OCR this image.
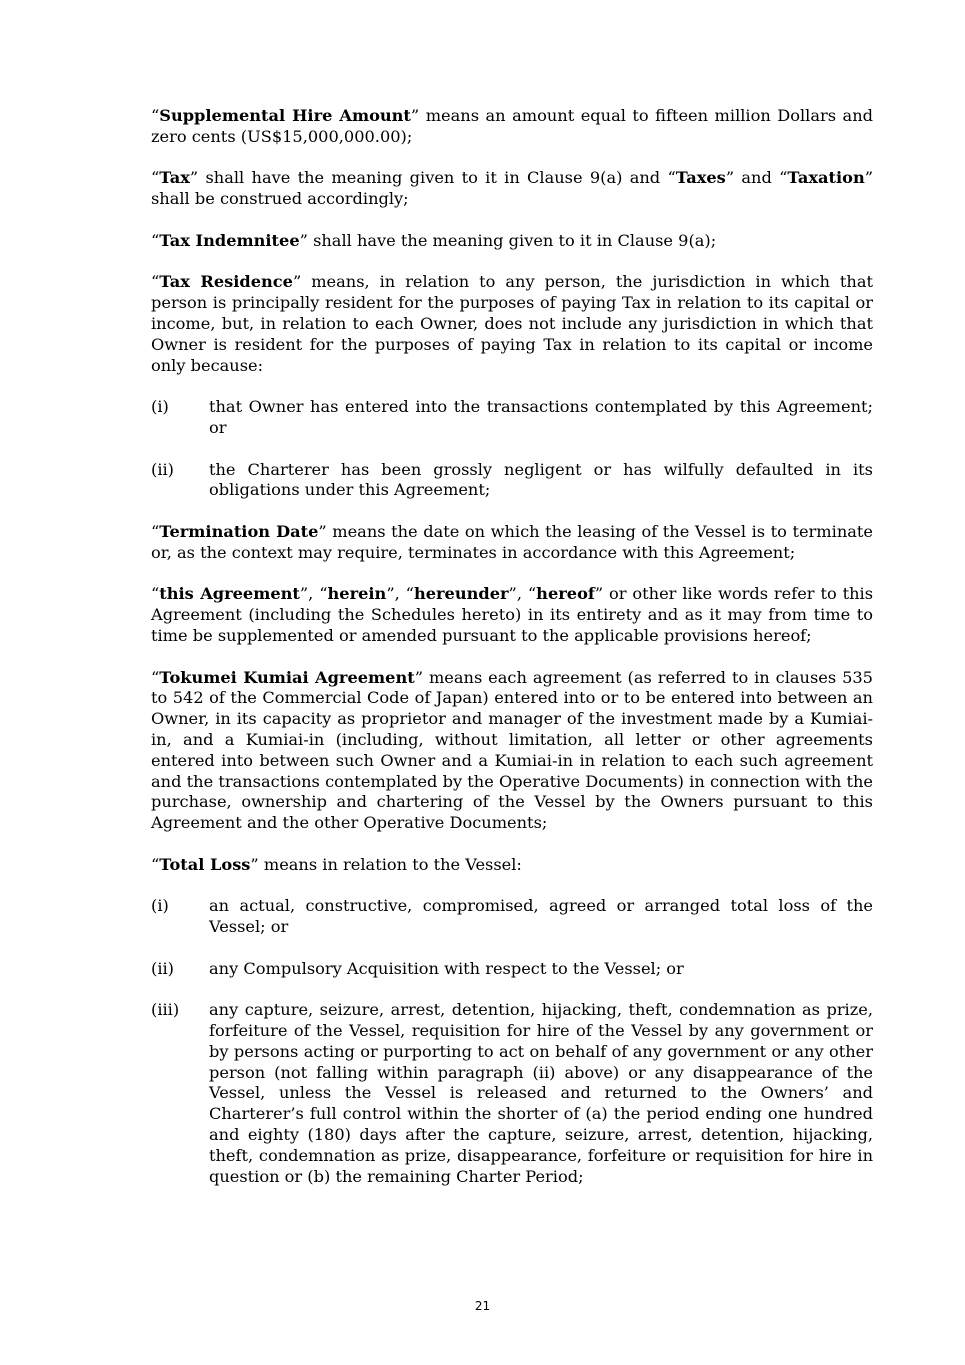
“Supplemental Hire Amount” means an amount equal to fifteen million Dollars and zero cents (US$15,000,000.00);

“Tax” shall have the meaning given to it in Clause 9(a) and “Taxes” and “Taxation” shall be construed accordingly;

“Tax Indemnitee” shall have the meaning given to it in Clause 9(a);

“Tax Residence” means, in relation to any person, the jurisdiction in which that person is principally resident for the purposes of paying Tax in relation to its capital or income, but, in relation to each Owner, does not include any jurisdiction in which that Owner is resident for the purposes of paying Tax in relation to its capital or income only because:

(i)	that Owner has entered into the transactions contemplated by this Agreement; or
(ii)	the Charterer has been grossly negligent or has wilfully defaulted in its obligations under this Agreement;

“Termination Date” means the date on which the leasing of the Vessel is to terminate or, as the context may require, terminates in accordance with this Agreement;

“this Agreement”, “herein”, “hereunder”, “hereof” or other like words refer to this Agreement (including the Schedules hereto) in its entirety and as it may from time to time be supplemented or amended pursuant to the applicable provisions hereof;

“Tokumei Kumiai Agreement” means each agreement (as referred to in clauses 535 to 542 of the Commercial Code of Japan) entered into or to be entered into between an Owner, in its capacity as proprietor and manager of the investment made by a Kumiai-in, and a Kumiai-in (including, without limitation, all letter or other agreements entered into between such Owner and a Kumiai-in in relation to each such agreement and the transactions contemplated by the Operative Documents) in connection with the purchase, ownership and chartering of the Vessel by the Owners pursuant to this Agreement and the other Operative Documents;

“Total Loss” means in relation to the Vessel:

(i)	an actual, constructive, compromised, agreed or arranged total loss of the Vessel; or
(ii)	any Compulsory Acquisition with respect to the Vessel; or
(iii)	any capture, seizure, arrest, detention, hijacking, theft, condemnation as prize, forfeiture of the Vessel, requisition for hire of the Vessel by any government or by persons acting or purporting to act on behalf of any government or any other person (not falling within paragraph (ii) above) or any disappearance of the Vessel, unless the Vessel is released and returned to the Owners’ and Charterer’s full control within the shorter of (a) the period ending one hundred and eighty (180) days after the capture, seizure, arrest, detention, hijacking, theft, condemnation as prize, disappearance, forfeiture or requisition for hire in question or (b) the remaining Charter Period;
21
